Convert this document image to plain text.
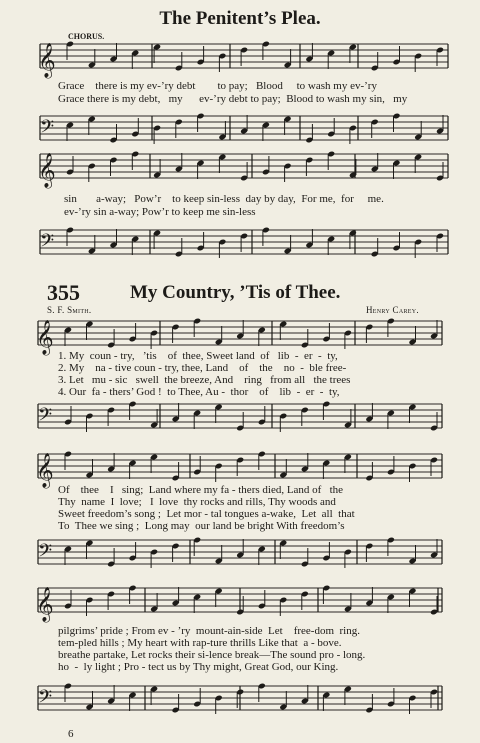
The Penitent’s Plea.
𝄞
CHORUS.
Grace there is my ev-’ry debt to pay; Blood to wash my ev-’ry
Grace there is my debt, my ev-’ry debt to pay; Blood to wash my sin, my
𝄢
𝄞
sin a-way; Pow’r to keep sin-less day by day, For me, for me.
ev-’ry sin a-way; Pow’r to keep me sin-less
𝄢
355	My Country, ’Tis of Thee.
S. F. Smith.	Henry Carey.
𝄞
1. My coun - try, ’tis of thee, Sweet land of lib - er - ty,
2. My na - tive coun - try, thee, Land of the no - ble free-
3. Let mu - sic swell the breeze, And ring from all the trees
4. Our fa - thers’ God ! to Thee, Au - thor of lib - er - ty,
𝄢
𝄞
Of thee I sing; Land where my fa - thers died, Land of the
Thy name I love; I love thy rocks and rills, Thy woods and
Sweet freedom’s song ; Let mor - tal tongues a-wake, Let all that
To Thee we sing ; Long may our land be bright With freedom’s
𝄢
𝄞
pilgrims’ pride ; From ev - ’ry mount-ain-side Let free-dom ring.
tem-pled hills ; My heart with rap-ture thrills Like that a - bove.
breathe partake, Let rocks their si-lence break—The sound pro - long.
ho - ly light ; Pro - tect us by Thy might, Great God, our King.
𝄢
6
